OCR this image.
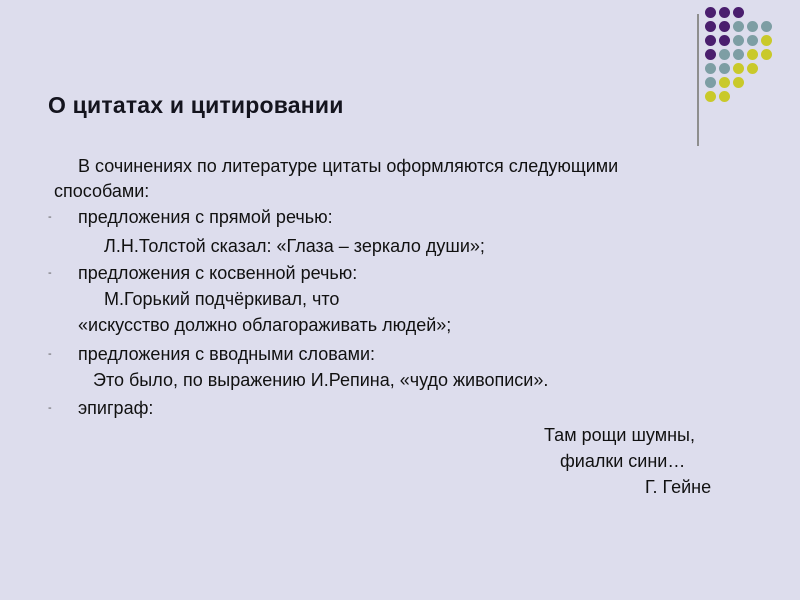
О цитатах и цитировании
В сочинениях по литературе цитаты оформляются следующими
способами:
- предложения с прямой речью:
Л.Н.Толстой сказал: «Глаза – зеркало души»;
- предложения с косвенной речью:
М.Горький подчёркивал, что
«искусство должно облагораживать людей»;
- предложения с вводными словами:
Это было, по выражению И.Репина, «чудо живописи».
- эпиграф:
Там рощи шумны,
фиалки сини…
Г. Гейне
